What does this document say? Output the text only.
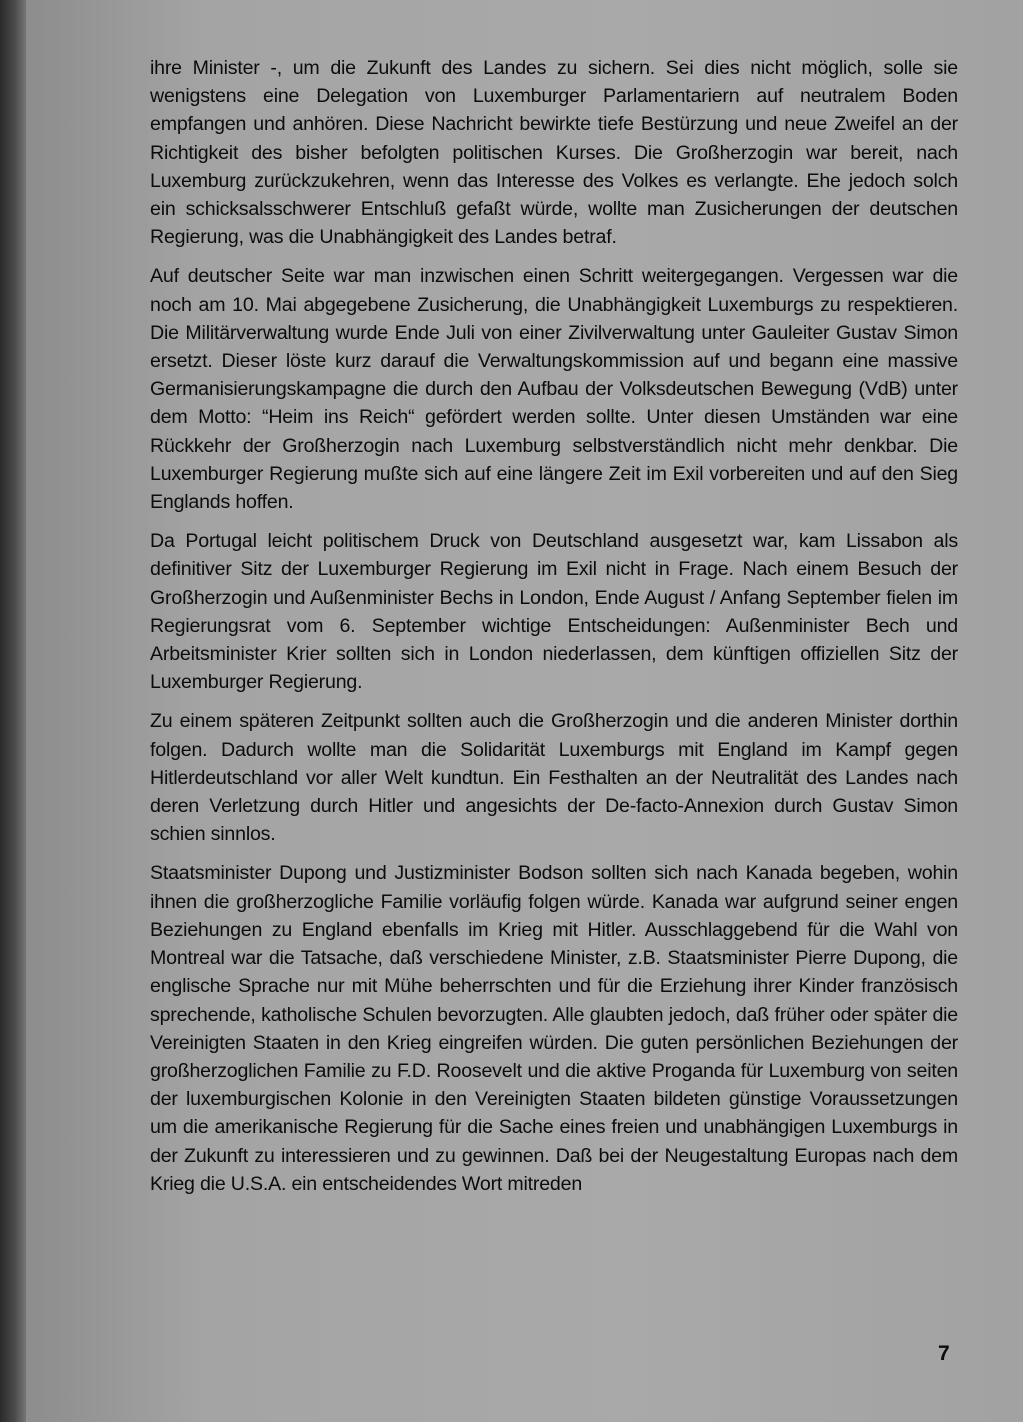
ihre Minister -, um die Zukunft des Landes zu sichern. Sei dies nicht möglich, solle sie wenigstens eine Delegation von Luxemburger Parlamentariern auf neutralem Boden empfangen und anhören. Diese Nachricht bewirkte tiefe Bestürzung und neue Zweifel an der Richtigkeit des bisher befolgten politischen Kurses. Die Großherzogin war bereit, nach Luxemburg zurückzukehren, wenn das Interesse des Volkes es verlangte. Ehe jedoch solch ein schicksalsschwerer Entschluß gefaßt würde, wollte man Zusicherungen der deutschen Regierung, was die Unabhängigkeit des Landes betraf.

Auf deutscher Seite war man inzwischen einen Schritt weitergegangen. Vergessen war die noch am 10. Mai abgegebene Zusicherung, die Unabhängigkeit Luxemburgs zu respektieren. Die Militärverwaltung wurde Ende Juli von einer Zivilverwaltung unter Gauleiter Gustav Simon ersetzt. Dieser löste kurz darauf die Verwaltungskommission auf und begann eine massive Germanisierungskampagne die durch den Aufbau der Volksdeutschen Bewegung (VdB) unter dem Motto: “Heim ins Reich“ gefördert werden sollte. Unter diesen Umständen war eine Rückkehr der Großherzogin nach Luxemburg selbstverständlich nicht mehr denkbar. Die Luxemburger Regierung mußte sich auf eine längere Zeit im Exil vorbereiten und auf den Sieg Englands hoffen.

Da Portugal leicht politischem Druck von Deutschland ausgesetzt war, kam Lissabon als definitiver Sitz der Luxemburger Regierung im Exil nicht in Frage. Nach einem Besuch der Großherzogin und Außenminister Bechs in London, Ende August / Anfang September fielen im Regierungsrat vom 6. September wichtige Entscheidungen: Außenminister Bech und Arbeitsminister Krier sollten sich in London niederlassen, dem künftigen offiziellen Sitz der Luxemburger Regierung.

Zu einem späteren Zeitpunkt sollten auch die Großherzogin und die anderen Minister dorthin folgen. Dadurch wollte man die Solidarität Luxemburgs mit England im Kampf gegen Hitlerdeutschland vor aller Welt kundtun. Ein Festhalten an der Neutralität des Landes nach deren Verletzung durch Hitler und angesichts der De-facto-Annexion durch Gustav Simon schien sinnlos.

Staatsminister Dupong und Justizminister Bodson sollten sich nach Kanada begeben, wohin ihnen die großherzogliche Familie vorläufig folgen würde. Kanada war aufgrund seiner engen Beziehungen zu England ebenfalls im Krieg mit Hitler. Ausschlaggebend für die Wahl von Montreal war die Tatsache, daß verschiedene Minister, z.B. Staatsminister Pierre Dupong, die englische Sprache nur mit Mühe beherrschten und für die Erziehung ihrer Kinder französisch sprechende, katholische Schulen bevorzugten. Alle glaubten jedoch, daß früher oder später die Vereinigten Staaten in den Krieg eingreifen würden. Die guten persönlichen Beziehungen der großherzoglichen Familie zu F.D. Roosevelt und die aktive Proganda für Luxemburg von seiten der luxemburgischen Kolonie in den Vereinigten Staaten bildeten günstige Voraussetzungen um die amerikanische Regierung für die Sache eines freien und unabhängigen Luxemburgs in der Zukunft zu interessieren und zu gewinnen. Daß bei der Neugestaltung Europas nach dem Krieg die U.S.A. ein entscheidendes Wort mitreden

7
